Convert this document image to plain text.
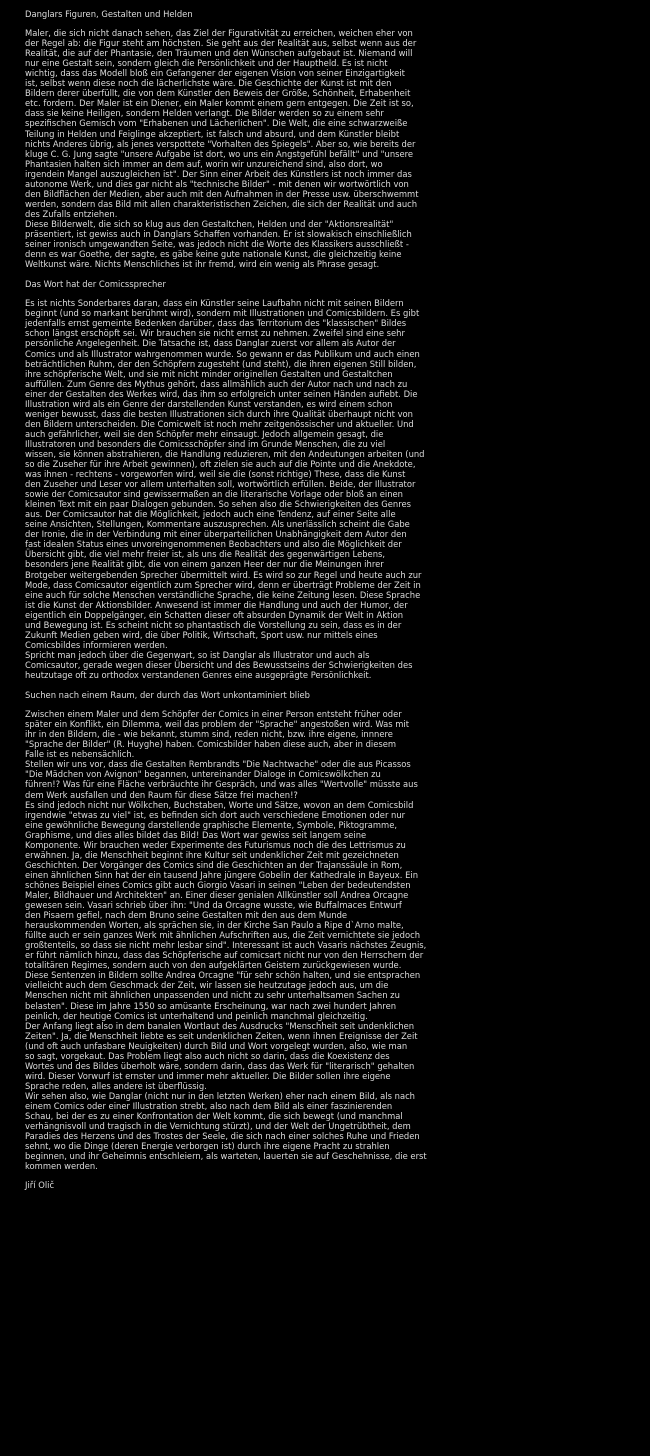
Danglars Figuren, Gestalten und Helden
Maler, die sich nicht danach sehen, das Ziel der Figurativität zu erreichen, weichen eher von
der Regel ab: die Figur steht am höchsten. Sie geht aus der Realität aus, selbst wenn aus der
Realität, die auf der Phantasie, den Träumen und den Wünschen aufgebaut ist. Niemand will
nur eine Gestalt sein, sondern gleich die Persönlichkeit und der Hauptheld. Es ist nicht
wichtig, dass das Modell bloß ein Gefangener der eigenen Vision von seiner Einzigartigkeit
ist, selbst wenn diese noch die lächerlichste wäre. Die Geschichte der Kunst ist mit den
Bildern derer überfüllt, die von dem Künstler den Beweis der Größe, Schönheit, Erhabenheit
etc. fordern. Der Maler ist ein Diener, ein Maler kommt einem gern entgegen. Die Zeit ist so,
dass sie keine Heiligen, sondern Helden verlangt. Die Bilder werden so zu einem sehr
spezifischen Gemisch vom "Erhabenen und Lächerlichen". Die Welt, die eine schwarzweiße
Teilung in Helden und Feiglinge akzeptiert, ist falsch und absurd, und dem Künstler bleibt
nichts Anderes übrig, als jenes verspottete "Vorhalten des Spiegels". Aber so, wie bereits der
kluge C. G. Jung sagte "unsere Aufgabe ist dort, wo uns ein Angstgefühl befällt" und "unsere
Phantasien halten sich immer an dem auf, worin wir unzureichend sind, also dort, wo
irgendein Mangel auszugleichen ist". Der Sinn einer Arbeit des Künstlers ist noch immer das
autonome Werk, und dies gar nicht als "technische Bilder" - mit denen wir wortwörtlich von
den Bildflächen der Medien, aber auch mit den Aufnahmen in der Presse usw. überschwemmt
werden, sondern das Bild mit allen charakteristischen Zeichen, die sich der Realität und auch
des Zufalls entziehen.
Diese Bilderwelt, die sich so klug aus den Gestaltchen, Helden und der "Aktionsrealität"
präsentiert, ist gewiss auch in Danglars Schaffen vorhanden. Er ist slowakisch einschließlich
seiner ironisch umgewandten Seite, was jedoch nicht die Worte des Klassikers ausschließt -
denn es war Goethe, der sagte, es gäbe keine gute nationale Kunst, die gleichzeitig keine
Weltkunst wäre. Nichts Menschliches ist ihr fremd, wird ein wenig als Phrase gesagt.
Das Wort hat der Comicssprecher
Es ist nichts Sonderbares daran, dass ein Künstler seine Laufbahn nicht mit seinen Bildern
beginnt (und so markant berühmt wird), sondern mit Illustrationen und Comicsbildern. Es gibt
jedenfalls ernst gemeinte Bedenken darüber, dass das Territorium des "klassischen" Bildes
schon längst erschöpft sei. Wir brauchen sie nicht ernst zu nehmen. Zweifel sind eine sehr
persönliche Angelegenheit. Die Tatsache ist, dass Danglar zuerst vor allem als Autor der
Comics und als Illustrator wahrgenommen wurde. So gewann er das Publikum und auch einen
beträchtlichen Ruhm, der den Schöpfern zugesteht (und steht), die ihren eigenen Still bilden,
ihre schöpferische Welt, und sie mit nicht minder originellen Gestalten und Gestaltchen
auffüllen. Zum Genre des Mythus gehört, dass allmählich auch der Autor nach und nach zu
einer der Gestalten des Werkes wird, das ihm so erfolgreich unter seinen Händen aufiebt. Die
Illustration wird als ein Genre der darstellenden Kunst verstanden, es wird einem schon
weniger bewusst, dass die besten Illustrationen sich durch ihre Qualität überhaupt nicht von
den Bildern unterscheiden. Die Comicwelt ist noch mehr zeitgenössischer und aktueller. Und
auch gefährlicher, weil sie den Schöpfer mehr einsaugt. Jedoch allgemein gesagt, die
Illustratoren und besonders die Comicsschöpfer sind im Grunde Menschen, die zu viel
wissen, sie können abstrahieren, die Handlung reduzieren, mit den Andeutungen arbeiten (und
so die Zuseher für ihre Arbeit gewinnen), oft zielen sie auch auf die Pointe und die Anekdote,
was ihnen - rechtens - vorgeworfen wird, weil sie die (sonst richtige) These, dass die Kunst
den Zuseher und Leser vor allem unterhalten soll, wortwörtlich erfüllen. Beide, der Illustrator
sowie der Comicsautor sind gewissermaßen an die literarische Vorlage oder bloß an einen
kleinen Text mit ein paar Dialogen gebunden. So sehen also die Schwierigkeiten des Genres
aus. Der Comicsautor hat die Möglichkeit, jedoch auch eine Tendenz, auf einer Seite alle
seine Ansichten, Stellungen, Kommentare auszusprechen. Als unerlässlich scheint die Gabe
der Ironie, die in der Verbindung mit einer überparteilichen Unabhängigkeit dem Autor den
fast idealen Status eines unvoreingenommenen Beobachters und also die Möglichkeit der
Übersicht gibt, die viel mehr freier ist, als uns die Realität des gegenwärtigen Lebens,
besonders jene Realität gibt, die von einem ganzen Heer der nur die Meinungen ihrer
Brotgeber weitergebenden Sprecher übermittelt wird. Es wird so zur Regel und heute auch zur
Mode, dass Comicsautor eigentlich zum Sprecher wird, denn er überträgt Probleme der Zeit in
eine auch für solche Menschen verständliche Sprache, die keine Zeitung lesen. Diese Sprache
ist die Kunst der Aktionsbilder. Anwesend ist immer die Handlung und auch der Humor, der
eigentlich ein Doppelgänger, ein Schatten dieser oft absurden Dynamik der Welt in Aktion
und Bewegung ist. Es scheint nicht so phantastisch die Vorstellung zu sein, dass es in der
Zukunft Medien geben wird, die über Politik, Wirtschaft, Sport usw. nur mittels eines
Comicsbildes informieren werden.
Spricht man jedoch über die Gegenwart, so ist Danglar als Illustrator und auch als
Comicsautor, gerade wegen dieser Übersicht und des Bewusstseins der Schwierigkeiten des
heutzutage oft zu orthodox verstandenen Genres eine ausgeprägte Persönlichkeit.
Suchen nach einem Raum, der durch das Wort unkontaminiert blieb
Zwischen einem Maler und dem Schöpfer der Comics in einer Person entsteht früher oder
später ein Konflikt, ein Dilemma, weil das problem der "Sprache" angestoßen wird. Was mit
ihr in den Bildern, die - wie bekannt, stumm sind, reden nicht, bzw. ihre eigene, innnere
"Sprache der Bilder" (R. Huyghe) haben. Comicsbilder haben diese auch, aber in diesem
Falle ist es nebensächlich.
Stellen wir uns vor, dass die Gestalten Rembrandts "Die Nachtwache" oder die aus Picassos
"Die Mädchen von Avignon" begannen, untereinander Dialoge in Comicswölkchen zu
führen!? Was für eine Fläche verbräuchte ihr Gespräch, und was alles "Wertvolle" müsste aus
dem Werk ausfallen und den Raum für diese Sätze frei machen!?
Es sind jedoch nicht nur Wölkchen, Buchstaben, Worte und Sätze, wovon an dem Comicsbild
irgendwie "etwas zu viel" ist, es befinden sich dort auch verschiedene Emotionen oder nur
eine gewöhnliche Bewegung darstellende graphische Elemente, Symbole, Piktogramme,
Graphisme, und dies alles bildet das Bild! Das Wort war gewiss seit langem seine
Komponente. Wir brauchen weder Experimente des Futurismus noch die des Lettrismus zu
erwähnen. Ja, die Menschheit beginnt ihre Kultur seit undenklicher Zeit mit gezeichneten
Geschichten. Der Vorgänger des Comics sind die Geschichten an der Trajanssäule in Rom,
einen ähnlichen Sinn hat der ein tausend Jahre jüngere Gobelin der Kathedrale in Bayeux. Ein
schönes Beispiel eines Comics gibt auch Giorgio Vasari in seinen "Leben der bedeutendsten
Maler, Bildhauer und Architekten" an. Einer dieser genialen Allkünstler soll Andrea Orcagne
gewesen sein. Vasari schrieb über ihn: "Und da Orcagne wusste, wie Buffalmaces Entwurf
den Pisaern gefiel, nach dem Bruno seine Gestalten mit den aus dem Munde
herauskommenden Worten, als sprächen sie, in der Kirche San Paulo a Ripe d`Arno malte,
füllte auch er sein ganzes Werk mit ähnlichen Aufschriften aus, die Zeit vernichtete sie jedoch
großtenteils, so dass sie nicht mehr lesbar sind". Interessant ist auch Vasaris nächstes Zeugnis,
er führt nämlich hinzu, dass das Schöpferische auf comicsart nicht nur von den Herrschern der
totalitären Regimes, sondern auch von den aufgeklärten Geistern zurückgewiesen wurde.
Diese Sentenzen in Bildern sollte Andrea Orcagne "für sehr schön halten, und sie entsprachen
vielleicht auch dem Geschmack der Zeit, wir lassen sie heutzutage jedoch aus, um die
Menschen nicht mit ähnlichen unpassenden und nicht zu sehr unterhaltsamen Sachen zu
belasten". Diese im Jahre 1550 so amüsante Erscheinung, war nach zwei hundert Jahren
peinlich, der heutige Comics ist unterhaltend und peinlich manchmal gleichzeitig.
Der Anfang liegt also in dem banalen Wortlaut des Ausdrucks "Menschheit seit undenklichen
Zeiten". Ja, die Menschheit liebte es seit undenklichen Zeiten, wenn ihnen Ereignisse der Zeit
(und oft auch unfasbare Neuigkeiten) durch Bild und Wort vorgelegt wurden, also, wie man
so sagt, vorgekaut. Das Problem liegt also auch nicht so darin, dass die Koexistenz des
Wortes und des Bildes überholt wäre, sondern darin, dass das Werk für "literarisch" gehalten
wird. Dieser Vorwurf ist ernster und immer mehr aktueller. Die Bilder sollen ihre eigene
Sprache reden, alles andere ist überflüssig.
Wir sehen also, wie Danglar (nicht nur in den letzten Werken) eher nach einem Bild, als nach
einem Comics oder einer Illustration strebt, also nach dem Bild als einer faszinierenden
Schau, bei der es zu einer Konfrontation der Welt kommt, die sich bewegt (und manchmal
verhängnisvoll und tragisch in die Vernichtung stürzt), und der Welt der Ungetrübtheit, dem
Paradies des Herzens und des Trostes der Seele, die sich nach einer solches Ruhe und Frieden
sehnt, wo die Dinge (deren Energie verborgen ist) durch ihre eigene Pracht zu strahlen
beginnen, und ihr Geheimnis entschleiern, als warteten, lauerten sie auf Geschehnisse, die erst
kommen werden.
Jiří Olič
